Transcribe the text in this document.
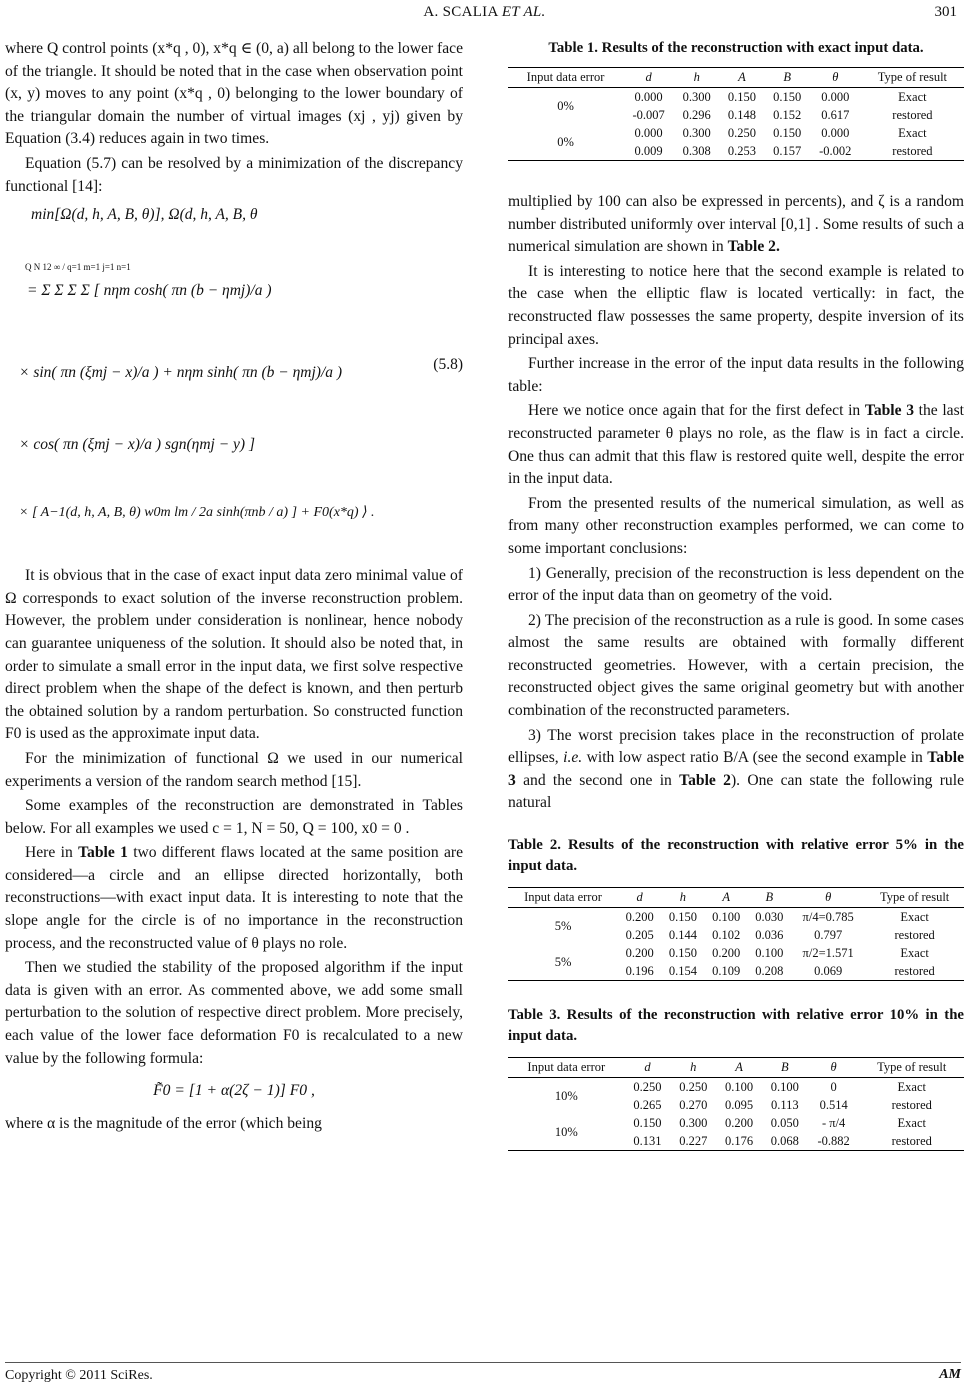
A. SCALIA ET AL.	301

where Q control points (x*q , 0), x*q ∈ (0, a) all belong to the lower face of the triangle. It should be noted that in the case when observation point (x, y) moves to any point (x*q , 0) belonging to the lower boundary of the triangular domain the number of virtual images (xj , yj) given by Equation (3.4) reduces again in two times.

Equation (5.7) can be resolved by a minimization of the discrepancy functional [14]:

min[Ω(d, h, A, B, θ)], Ω(d, h, A, B, θ
Q N 12 ∞ / q=1 m=1 j=1 n=1
= Σ Σ Σ Σ [ nηm cosh( πn (b − ηmj)/a )
× sin( πn (ξmj − x)/a ) + nηm sinh( πn (b − ηmj)/a )
× cos( πn (ξmj − x)/a ) sgn(ηmj − y) ]
× [ A−1(d, h, A, B, θ) w0m lm / 2a sinh(πnb / a) ] + F0(x*q) ⟩ .
(5.8)

It is obvious that in the case of exact input data zero minimal value of Ω corresponds to exact solution of the inverse reconstruction problem. However, the problem under consideration is nonlinear, hence nobody can guarantee uniqueness of the solution. It should also be noted that, in order to simulate a small error in the input data, we first solve respective direct problem when the shape of the defect is known, and then perturb the obtained solution by a random perturbation. So constructed function F0 is used as the approximate input data.

For the minimization of functional Ω we used in our numerical experiments a version of the random search method [15].

Some examples of the reconstruction are demonstrated in Tables below. For all examples we used c = 1, N = 50, Q = 100, x0 = 0 .

Here in Table 1 two different flaws located at the same position are considered—a circle and an ellipse directed horizontally, both reconstructions—with exact input data. It is interesting to note that the slope angle for the circle is of no importance in the reconstruction process, and the reconstructed value of θ plays no role.

Then we studied the stability of the proposed algorithm if the input data is given with an error. As commented above, we add some small perturbation to the solution of respective direct problem. More precisely, each value of the lower face deformation F0 is recalculated to a new value by the following formula:

F̃0 = [1 + α(2ζ − 1)] F0 ,

where α is the magnitude of the error (which being

Table 1. Results of the reconstruction with exact input data.
Input data error	d	h	A	B	θ	Type of result
0%	0.000	0.300	0.150	0.150	0.000	Exact
	-0.007	0.296	0.148	0.152	0.617	restored
0%	0.000	0.300	0.250	0.150	0.000	Exact
	0.009	0.308	0.253	0.157	-0.002	restored

multiplied by 100 can also be expressed in percents), and ζ is a random number distributed uniformly over interval [0,1] . Some results of such a numerical simulation are shown in Table 2.

It is interesting to notice here that the second example is related to the case when the elliptic flaw is located vertically: in fact, the reconstructed flaw possesses the same property, despite inversion of its principal axes.

Further increase in the error of the input data results in the following table:

Here we notice once again that for the first defect in Table 3 the last reconstructed parameter θ plays no role, as the flaw is in fact a circle. One thus can admit that this flaw is restored quite well, despite the error in the input data.

From the presented results of the numerical simulation, as well as from many other reconstruction examples performed, we can come to some important conclusions:

1) Generally, precision of the reconstruction is less dependent on the error of the input data than on geometry of the void.

2) The precision of the reconstruction as a rule is good. In some cases almost the same results are obtained with formally different reconstructed geometries. However, with a certain precision, the reconstructed object gives the same original geometry but with another combination of the reconstructed parameters.

3) The worst precision takes place in the reconstruction of prolate ellipses, i.e. with low aspect ratio B/A (see the second example in Table 3 and the second one in Table 2). One can state the following rule natural

Table 2. Results of the reconstruction with relative error 5% in the input data.
Input data error	d	h	A	B	θ	Type of result
5%	0.200	0.150	0.100	0.030	π/4=0.785	Exact
	0.205	0.144	0.102	0.036	0.797	restored
5%	0.200	0.150	0.200	0.100	π/2=1.571	Exact
	0.196	0.154	0.109	0.208	0.069	restored
Table 3. Results of the reconstruction with relative error 10% in the input data.
Input data error	d	h	A	B	θ	Type of result
10%	0.250	0.250	0.100	0.100	0	Exact
	0.265	0.270	0.095	0.113	0.514	restored
10%	0.150	0.300	0.200	0.050	- π/4	Exact
	0.131	0.227	0.176	0.068	-0.882	restored
Copyright © 2011 SciRes.	AM
